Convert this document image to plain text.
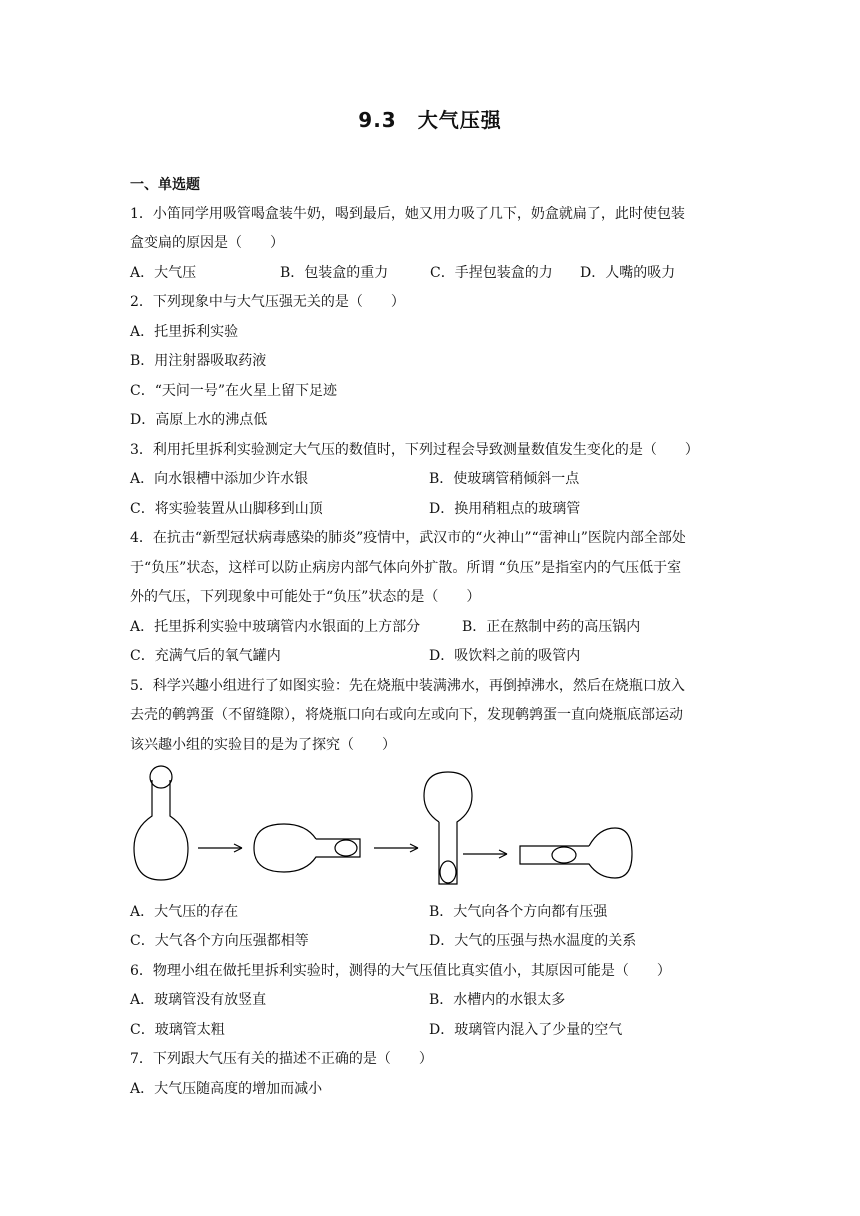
9.3　大气压强
一、单选题
1．小笛同学用吸管喝盒装牛奶，喝到最后，她又用力吸了几下，奶盒就扁了，此时使包装
盒变扁的原因是（　　）
A．大气压	B．包装盒的重力	C．手捏包装盒的力 D．人嘴的吸力
2．下列现象中与大气压强无关的是（　　）
A．托里拆利实验
B．用注射器吸取药液
C．“天问一号”在火星上留下足迹
D．高原上水的沸点低
3．利用托里拆利实验测定大气压的数值时，下列过程会导致测量数值发生变化的是（　　）
A．向水银槽中添加少许水银	B．使玻璃管稍倾斜一点
C．将实验装置从山脚移到山顶	D．换用稍粗点的玻璃管
4．在抗击“新型冠状病毒感染的肺炎”疫情中，武汉市的“火神山”“雷神山”医院内部全部处
于“负压”状态，这样可以防止病房内部气体向外扩散。所谓 “负压”是指室内的气压低于室
外的气压，下列现象中可能处于“负压”状态的是（　　）
A．托里拆利实验中玻璃管内水银面的上方部分	B．正在熬制中药的高压锅内
C．充满气后的氧气罐内	D．吸饮料之前的吸管内
5．科学兴趣小组进行了如图实验：先在烧瓶中装满沸水，再倒掉沸水，然后在烧瓶口放入
去壳的鹌鹑蛋（不留缝隙），将烧瓶口向右或向左或向下，发现鹌鹑蛋一直向烧瓶底部运动
该兴趣小组的实验目的是为了探究（　　）
A．大气压的存在	B．大气向各个方向都有压强
C．大气各个方向压强都相等	D．大气的压强与热水温度的关系
6．物理小组在做托里拆利实验时，测得的大气压值比真实值小，其原因可能是（　　）
A．玻璃管没有放竖直	B．水槽内的水银太多
C．玻璃管太粗	D．玻璃管内混入了少量的空气
7．下列跟大气压有关的描述不正确的是（　　）
A．大气压随高度的增加而减小
